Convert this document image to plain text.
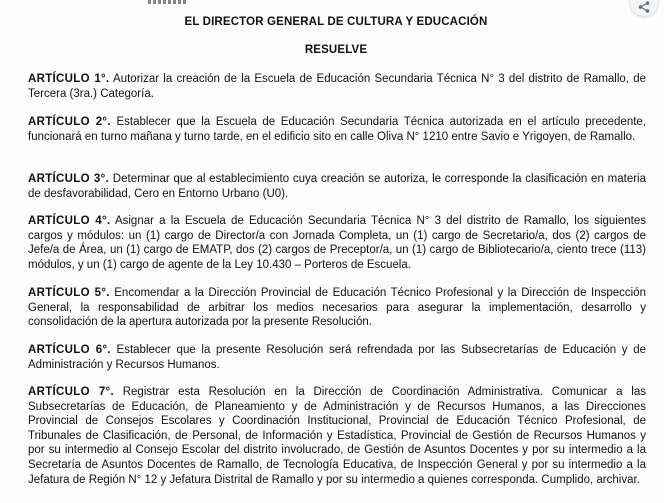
EL DIRECTOR GENERAL DE CULTURA Y EDUCACIÓN
RESUELVE

ARTÍCULO 1°. Autorizar la creación de la Escuela de Educación Secundaria Técnica N° 3 del distrito de Ramallo, de Tercera (3ra.) Categoría.

ARTÍCULO 2°. Establecer que la Escuela de Educación Secundaria Técnica autorizada en el artículo precedente, funcionará en turno mañana y turno tarde, en el edificio sito en calle Oliva N° 1210 entre Savio e Yrigoyen, de Ramallo.

ARTÍCULO 3°. Determinar que al establecimiento cuya creación se autoriza, le corresponde la clasificación en materia de desfavorabilidad, Cero en Entorno Urbano (U0).

ARTÍCULO 4°. Asignar a la Escuela de Educación Secundaria Técnica N° 3 del distrito de Ramallo, los siguientes cargos y módulos: un (1) cargo de Director/a con Jornada Completa, un (1) cargo de Secretario/a, dos (2) cargos de Jefe/a de Área, un (1) cargo de EMATP, dos (2) cargos de Preceptor/a, un (1) cargo de Bibliotecario/a, ciento trece (113) módulos, y un (1) cargo de agente de la Ley 10.430 – Porteros de Escuela.

ARTÍCULO 5°. Encomendar a la Dirección Provincial de Educación Técnico Profesional y la Dirección de Inspección General, la responsabilidad de arbitrar los medios necesarios para asegurar la implementación, desarrollo y consolidación de la apertura autorizada por la presente Resolución.

ARTÍCULO 6°. Establecer que la presente Resolución será refrendada por las Subsecretarías de Educación y de Administración y Recursos Humanos.

ARTÍCULO 7°. Registrar esta Resolución en la Dirección de Coordinación Administrativa. Comunicar a las Subsecretarías de Educación, de Planeamiento y de Administración y de Recursos Humanos, a las Direcciones Provincial de Consejos Escolares y Coordinación Institucional, Provincial de Educación Técnico Profesional, de Tribunales de Clasificación, de Personal, de Información y Estadística, Provincial de Gestión de Recursos Humanos y por su intermedio al Consejo Escolar del distrito involucrado, de Gestión de Asuntos Docentes y por su intermedio a la Secretaría de Asuntos Docentes de Ramallo, de Tecnología Educativa, de Inspección General y por su intermedio a la Jefatura de Región N° 12 y Jefatura Distrital de Ramallo y por su intermedio a quienes corresponda. Cumplido, archivar.
